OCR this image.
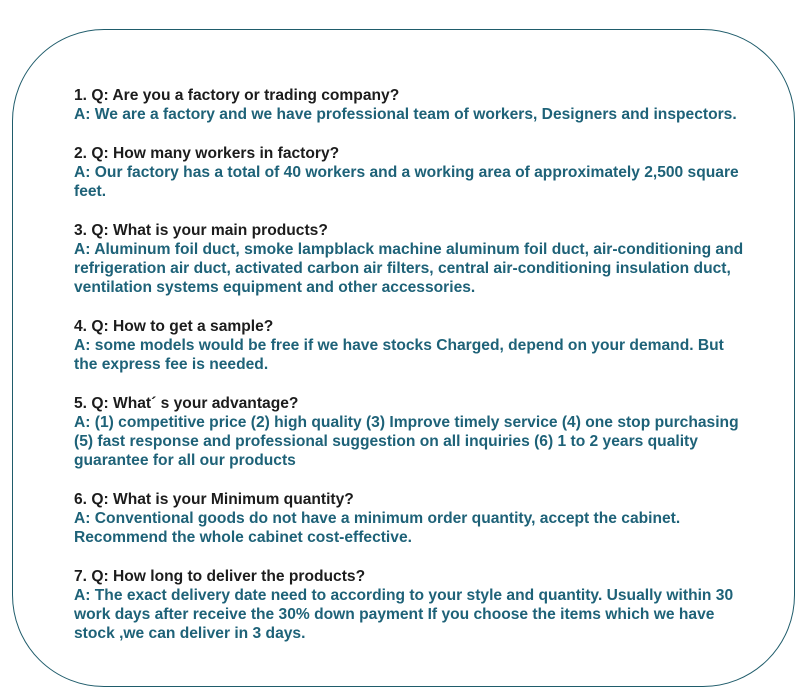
1. Q: Are you a factory or trading company?
A: We are a factory and we have professional team of workers, Designers and inspectors.
2. Q: How many workers in factory?
A: Our factory has a total of 40 workers and a working area of approximately 2,500 square
feet.
3. Q: What is your main products?
A: Aluminum foil duct, smoke lampblack machine aluminum foil duct, air-conditioning and
refrigeration air duct, activated carbon air filters, central air-conditioning insulation duct,
ventilation systems equipment and other accessories.
4. Q: How to get a sample?
A: some models would be free if we have stocks Charged, depend on your demand. But
the express fee is needed.
5. Q: What´ s your advantage?
A: (1) competitive price (2) high quality (3) Improve timely service (4) one stop purchasing
(5) fast response and professional suggestion on all inquiries (6) 1 to 2 years quality
guarantee for all our products
6. Q: What is your Minimum quantity?
A: Conventional goods do not have a minimum order quantity, accept the cabinet.
Recommend the whole cabinet cost-effective.
7. Q: How long to deliver the products?
A: The exact delivery date need to according to your style and quantity. Usually within 30
work days after receive the 30% down payment If you choose the items which we have
stock ,we can deliver in 3 days.
